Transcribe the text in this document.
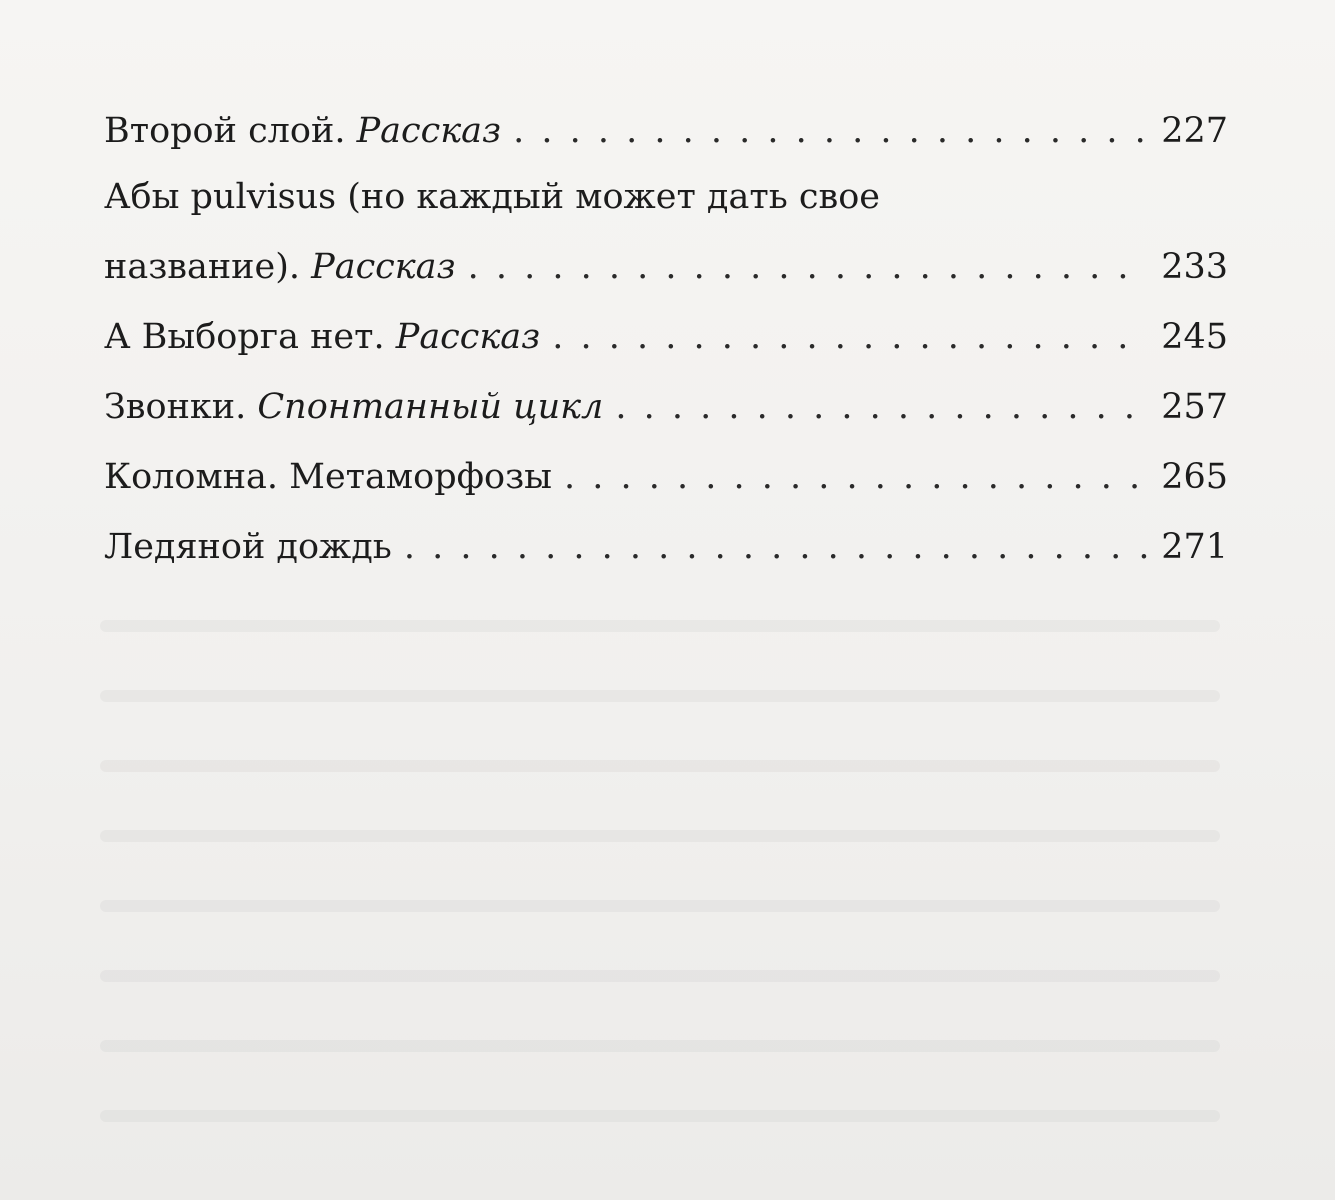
Второй слой. Рассказ . . .	227
Абы pulvisus (но каждый может дать свое
название). Рассказ . . .	233
А Выборга нет. Рассказ . . .	245
Звонки. Спонтанный цикл . . .	257
Коломна. Метаморфозы . . .	265
Ледяной дождь . . .	271
